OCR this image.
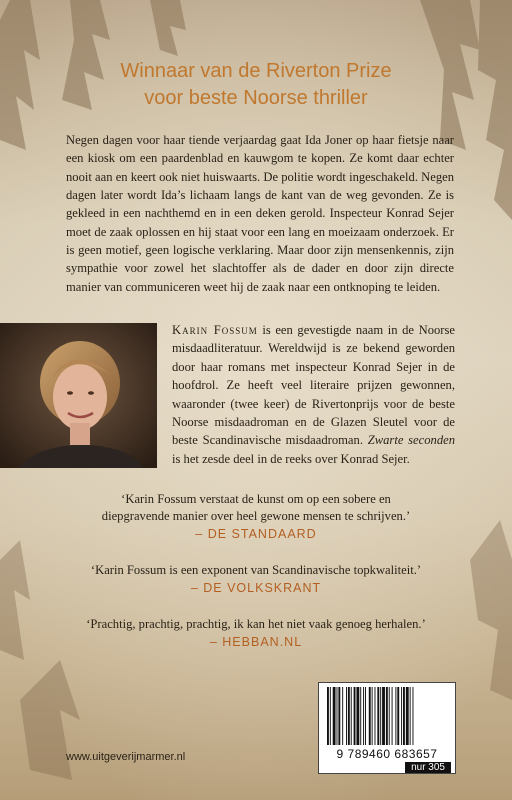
Winnaar van de Riverton Prize
voor beste Noorse thriller

Negen dagen voor haar tiende verjaardag gaat Ida Joner op haar fietsje naar een kiosk om een paardenblad en kauwgom te kopen. Ze komt daar echter nooit aan en keert ook niet huiswaarts. De politie wordt ingeschakeld. Negen dagen later wordt Ida’s lichaam langs de kant van de weg gevonden. Ze is gekleed in een nachthemd en in een deken gerold. Inspecteur Konrad Sejer moet de zaak oplossen en hij staat voor een lang en moeizaam onderzoek. Er is geen motief, geen logische verklaring. Maar door zijn mensenkennis, zijn sympathie voor zowel het slachtoffer als de dader en door zijn directe manier van communiceren weet hij de zaak naar een ontknoping te leiden.

Karin Fossum is een gevestigde naam in de Noorse misdaadliteratuur. Wereldwijd is ze bekend geworden door haar romans met inspecteur Konrad Sejer in de hoofdrol. Ze heeft veel literaire prijzen gewonnen, waaronder (twee keer) de Rivertonprijs voor de beste Noorse misdaadroman en de Glazen Sleutel voor de beste Scandinavische misdaadroman. Zwarte seconden is het zesde deel in de reeks over Konrad Sejer.

‘Karin Fossum verstaat de kunst om op een sobere en
diepgravende manier over heel gewone mensen te schrijven.’
– DE STANDAARD
‘Karin Fossum is een exponent van Scandinavische topkwaliteit.’
– DE VOLKSKRANT
‘Prachtig, prachtig, prachtig, ik kan het niet vaak genoeg herhalen.’
– HEBBAN.NL
www.uitgeverijmarmer.nl	9 789460 683657
nur 305
